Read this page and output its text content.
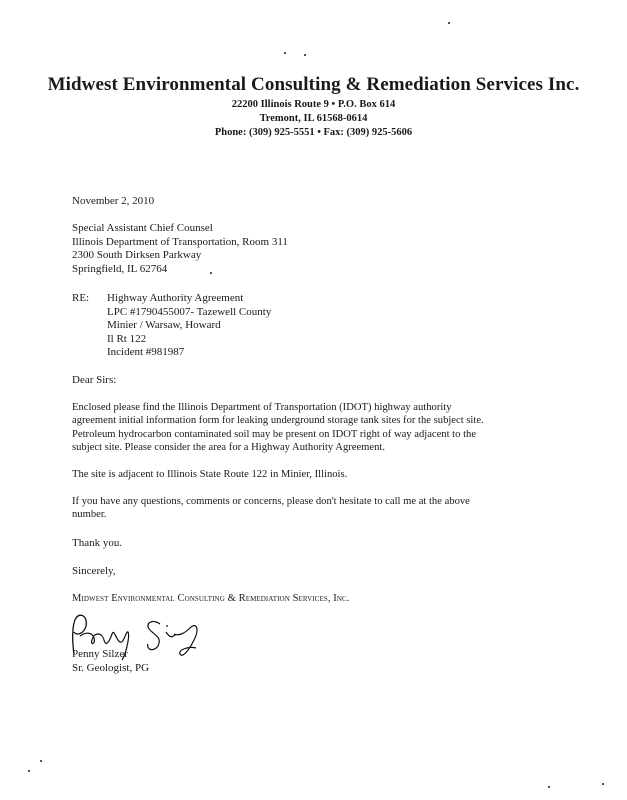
Midwest Environmental Consulting & Remediation Services Inc.
22200 Illinois Route 9 • P.O. Box 614
Tremont, IL 61568-0614
Phone: (309) 925-5551 • Fax: (309) 925-5606
November 2, 2010
Special Assistant Chief Counsel
Illinois Department of Transportation, Room 311
2300 South Dirksen Parkway
Springfield, IL 62764
RE: Highway Authority Agreement
LPC #1790455007- Tazewell County
Minier / Warsaw, Howard
Il Rt 122
Incident #981987
Dear Sirs:
Enclosed please find the Illinois Department of Transportation (IDOT) highway authority
agreement initial information form for leaking underground storage tank sites for the subject site.
Petroleum hydrocarbon contaminated soil may be present on IDOT right of way adjacent to the
subject site. Please consider the area for a Highway Authority Agreement.
The site is adjacent to Illinois State Route 122 in Minier, Illinois.
If you have any questions, comments or concerns, please don't hesitate to call me at the above
number.
Thank you.
Sincerely,
Midwest Environmental Consulting & Remediation Services, Inc.
Penny Silzer
Sr. Geologist, PG
